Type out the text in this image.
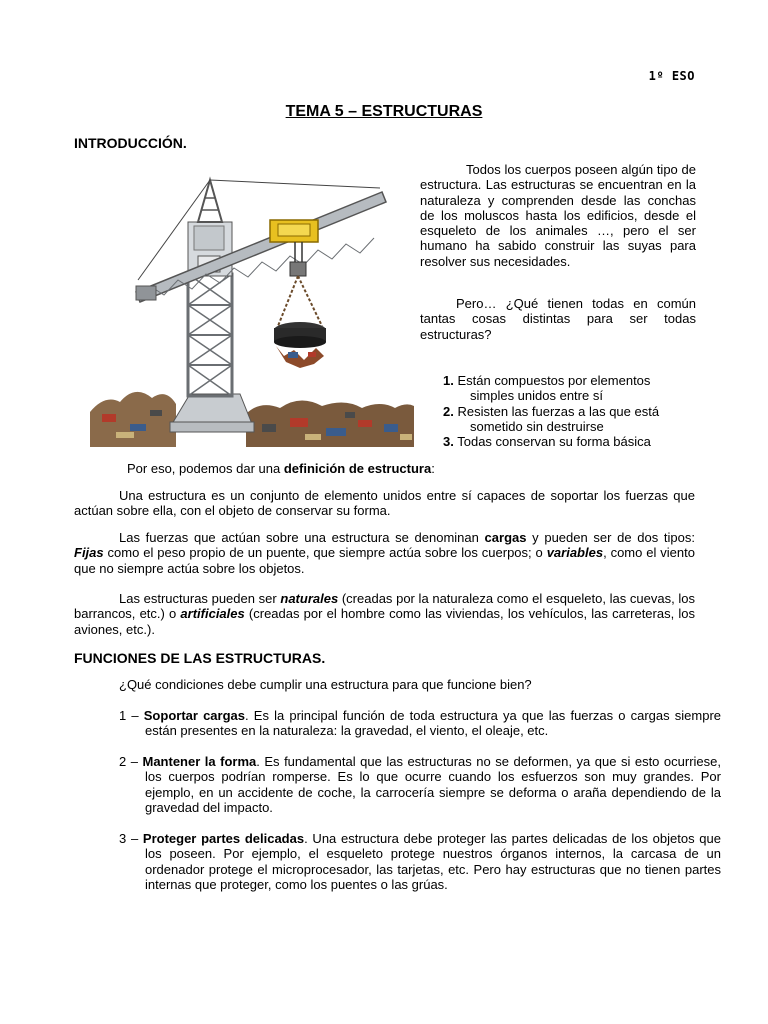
1º ESO
TEMA 5 – ESTRUCTURAS
INTRODUCCIÓN.
Todos los cuerpos poseen algún tipo de estructura. Las estructuras se encuentran en la naturaleza y comprenden desde las conchas de los moluscos hasta los edificios, desde el esqueleto de los animales …, pero el ser humano ha sabido construir las suyas para resolver sus necesidades.
Pero… ¿Qué tienen todas en común tantas cosas distintas para ser todas estructuras?
1. Están compuestos por elementos
simples unidos entre sí
2. Resisten las fuerzas a las que está
sometido sin destruirse
3. Todas conservan su forma básica
Por eso, podemos dar una definición de estructura:
Una estructura es un conjunto de elemento unidos entre sí capaces de soportar los fuerzas que actúan sobre ella, con el objeto de conservar su forma.
Las fuerzas que actúan sobre una estructura se denominan cargas y pueden ser de dos tipos: Fijas como el peso propio de un puente, que siempre actúa sobre los cuerpos; o variables, como el viento que no siempre actúa sobre los objetos.
Las estructuras pueden ser naturales (creadas por la naturaleza como el esqueleto, las cuevas, los barrancos, etc.) o artificiales (creadas por el hombre como las viviendas, los vehículos, las carreteras, los aviones, etc.).
FUNCIONES DE LAS ESTRUCTURAS.
¿Qué condiciones debe cumplir una estructura para que funcione bien?
1 – Soportar cargas. Es la principal función de toda estructura ya que las fuerzas o cargas siempre están presentes en la naturaleza: la gravedad, el viento, el oleaje, etc.
2 – Mantener la forma. Es fundamental que las estructuras no se deformen, ya que si esto ocurriese, los cuerpos podrían romperse. Es lo que ocurre cuando los esfuerzos son muy grandes. Por ejemplo, en un accidente de coche, la carrocería siempre se deforma o araña dependiendo de la gravedad del impacto.
3 – Proteger partes delicadas. Una estructura debe proteger las partes delicadas de los objetos que los poseen. Por ejemplo, el esqueleto protege nuestros órganos internos, la carcasa de un ordenador protege el microprocesador, las tarjetas, etc. Pero hay estructuras que no tienen partes internas que proteger, como los puentes o las grúas.
